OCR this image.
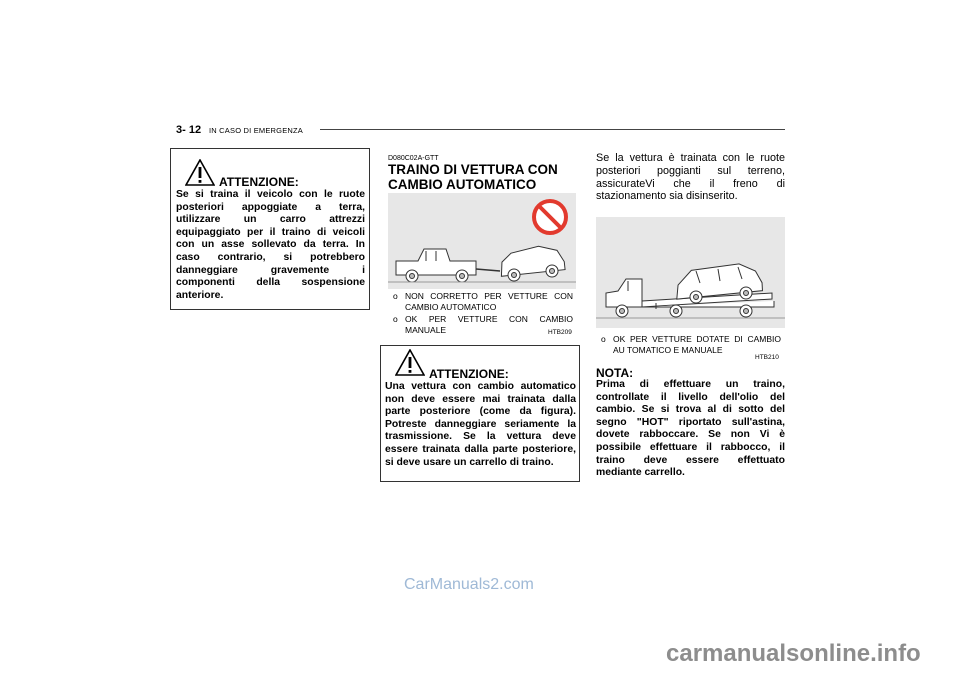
3- 12 IN CASO DI EMERGENZA
ATTENZIONE:
Se si traina il veicolo con le ruote posteriori appoggiate a terra, utilizzare un carro attrezzi equipaggiato per il traino di veicoli con un asse sollevato da terra. In caso contrario, si potrebbero danneggiare gravemente i componenti della sospensione anteriore.
D080C02A-GTT
TRAINO DI VETTURA CON CAMBIO AUTOMATICO
o NON CORRETTO PER VETTURE CON CAMBIO AUTOMATICO
o OK PER VETTURE CON CAMBIO MANUALE	HTB209
ATTENZIONE:
Una vettura con cambio automatico non deve essere mai trainata dalla parte posteriore (come da figura). Potreste danneggiare seriamente la trasmissione. Se la vettura deve essere trainata dalla parte posteriore, si deve usare un carrello di traino.
Se la vettura è trainata con le ruote posteriori poggianti sul terreno, assicurateVi che il freno di stazionamento sia disinserito.
o OK PER VETTURE DOTATE DI CAMBIO AU TOMATICO E MANUALE
HTB210
NOTA:
Prima di effettuare un traino, controllate il livello dell'olio del cambio. Se si trova al di sotto del segno "HOT" riportato sull'astina, dovete rabboccare. Se non Vi è possibile effettuare il rabbocco, il traino deve essere effettuato mediante carrello.
CarManuals2.com
carmanualsonline.info
